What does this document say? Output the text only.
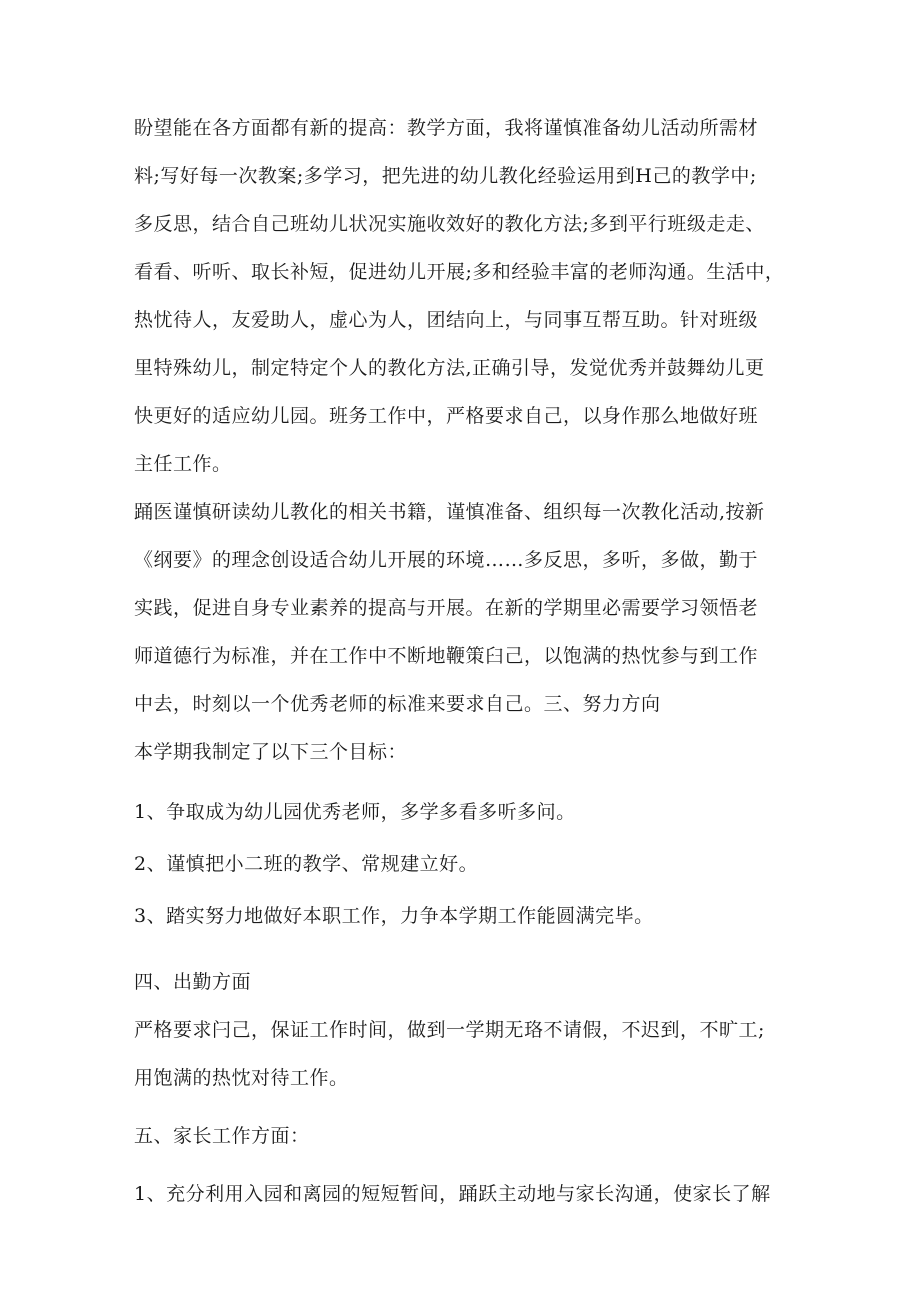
盼望能在各方面都有新的提高：教学方面，我将谨慎准备幼儿活动所需材
料;写好每一次教案;多学习，把先进的幼儿教化经验运用到H己的教学中;
多反思，结合自己班幼儿状况实施收效好的教化方法;多到平行班级走走、
看看、听听、取长补短，促进幼儿开展;多和经验丰富的老师沟通。生活中，
热忧待人，友爱助人，虚心为人，团结向上，与同事互帮互助。针对班级
里特殊幼儿，制定特定个人的教化方法,正确引导，发觉优秀并鼓舞幼儿更
快更好的适应幼儿园。班务工作中，严格要求自己，以身作那么地做好班
主任工作。
踊医谨慎研读幼儿教化的相关书籍，谨慎准备、组织每一次教化活动,按新
《纲要》的理念创设适合幼儿开展的环境……多反思，多听，多做，勤于
实践，促进自身专业素养的提高与开展。在新的学期里必需要学习领悟老
师道德行为标准，并在工作中不断地鞭策臼己，以饱满的热忱参与到工作
中去，时刻以一个优秀老师的标准来要求自己。三、努力方向
本学期我制定了以下三个目标：
1、争取成为幼儿园优秀老师，多学多看多听多问。
2、谨慎把小二班的教学、常规建立好。
3、踏实努力地做好本职工作，力争本学期工作能圆满完毕。
四、出勤方面
严格要求闩己，保证工作时间，做到一学期无珞不请假，不迟到，不旷工;
用饱满的热忱对待工作。
五、家长工作方面：
1、充分利用入园和离园的短短暂间，踊跃主动地与家长沟通，使家长了解
